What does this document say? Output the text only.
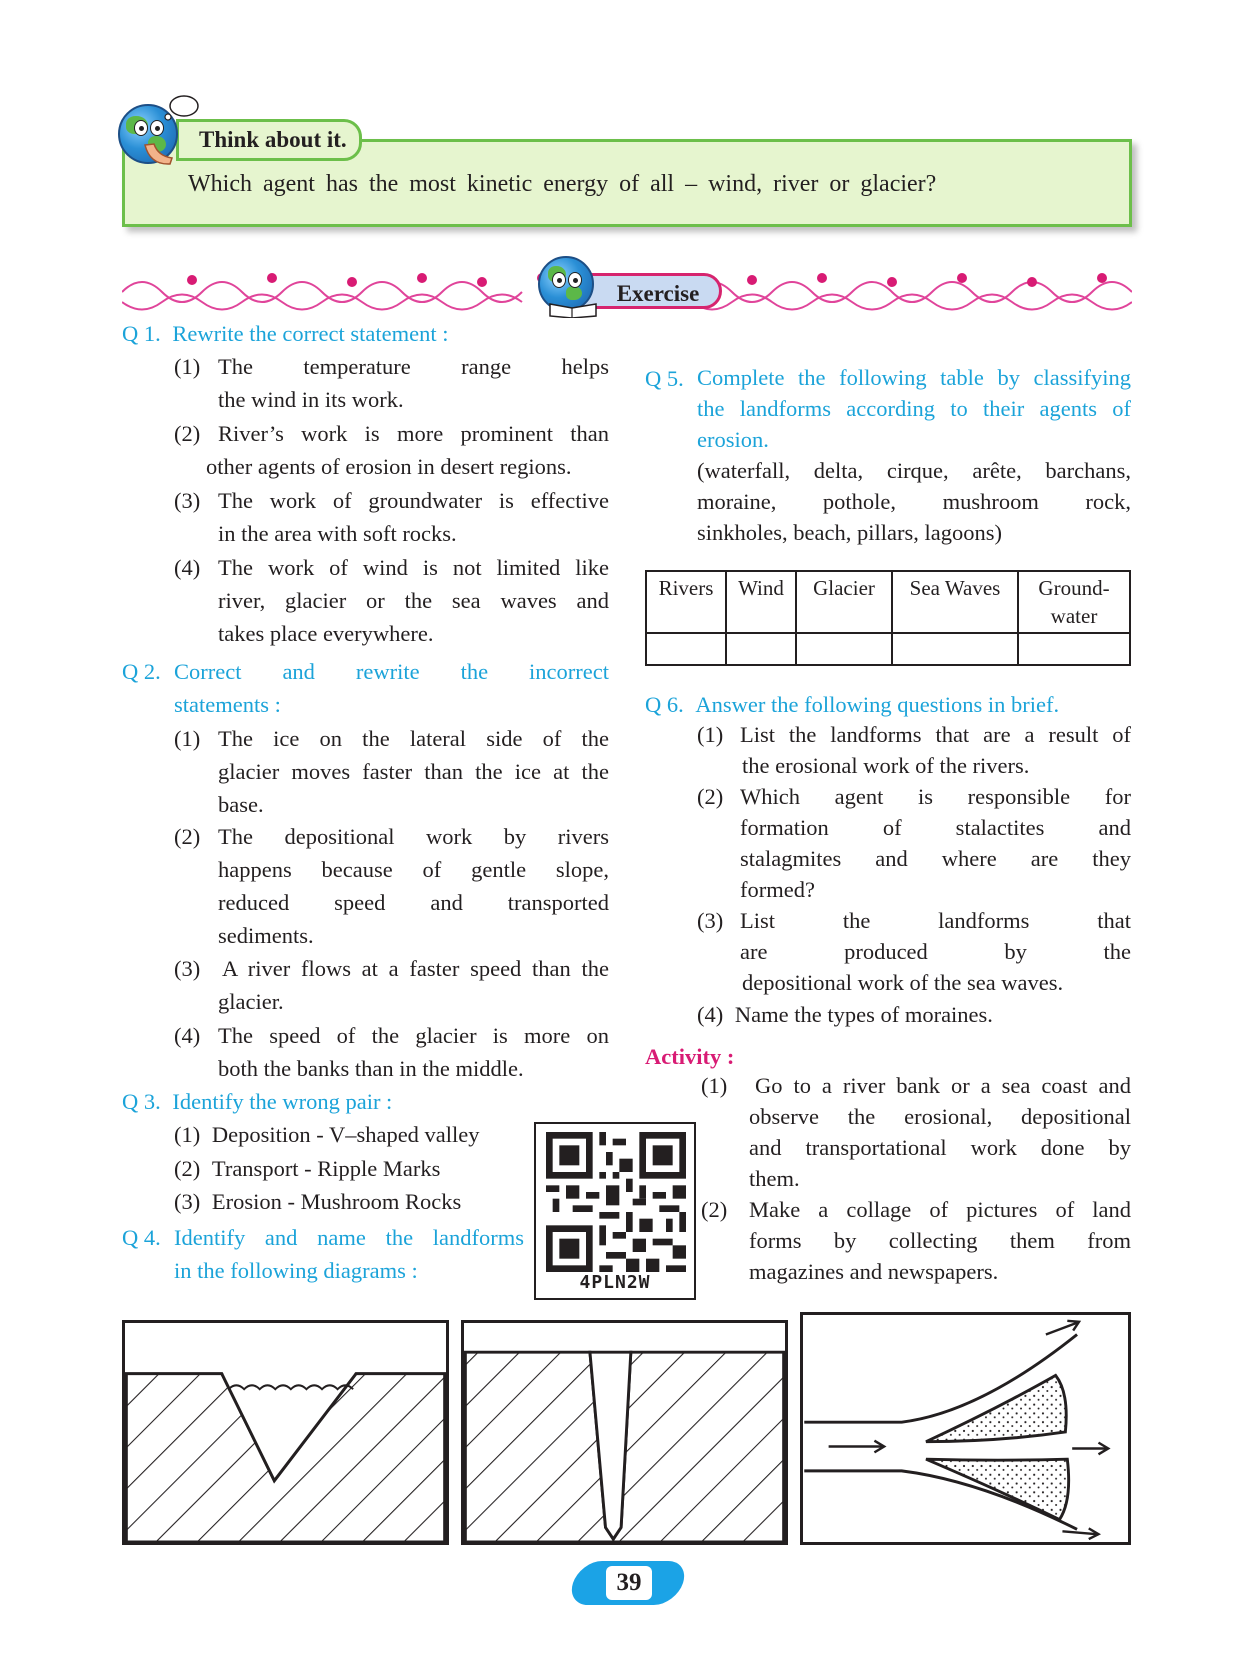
Think about it.
Which agent has the most kinetic energy of all – wind, river or glacier?
Exercise
Q 1. Rewrite the correct statement :
(1) The temperature range helps
the wind in its work.
(2) River’s work is more prominent than
other agents of erosion in desert regions.
(3) The work of groundwater is effective
in the area with soft rocks.
(4) The work of wind is not limited like
river, glacier or the sea waves and
takes place everywhere.
Q 2. Correct and rewrite the incorrect
statements :
(1) The ice on the lateral side of the
glacier moves faster than the ice at the
base.
(2) The depositional work by rivers
happens because of gentle slope,
reduced speed and transported
sediments.
(3) A river flows at a faster speed than the
glacier.
(4) The speed of the glacier is more on
both the banks than in the middle.
Q 3. Identify the wrong pair :
(1) Deposition - V–shaped valley
(2) Transport - Ripple Marks
(3) Erosion - Mushroom Rocks
Q 4. Identify and name the landforms
in the following diagrams :	4PLN2W
Q 5. Complete the following table by classifying
the landforms according to their agents of
erosion.
(waterfall, delta, cirque, arête, barchans,
moraine, pothole, mushroom rock,
sinkholes, beach, pillars, lagoons)
Rivers	Wind	Glacier	Sea Waves	Ground-
water

Q 6. Answer the following questions in brief.
(1) List the landforms that are a result of
the erosional work of the rivers.
(2) Which agent is responsible for
formation of stalactites and
stalagmites and where are they
formed?
(3) List the landforms that
are produced by the
depositional work of the sea waves.
(4) Name the types of moraines.
Activity :
(1) Go to a river bank or a sea coast and
observe the erosional, depositional
and transportational work done by
them.
(2) Make a collage of pictures of land
forms by collecting them from
magazines and newspapers.
39
